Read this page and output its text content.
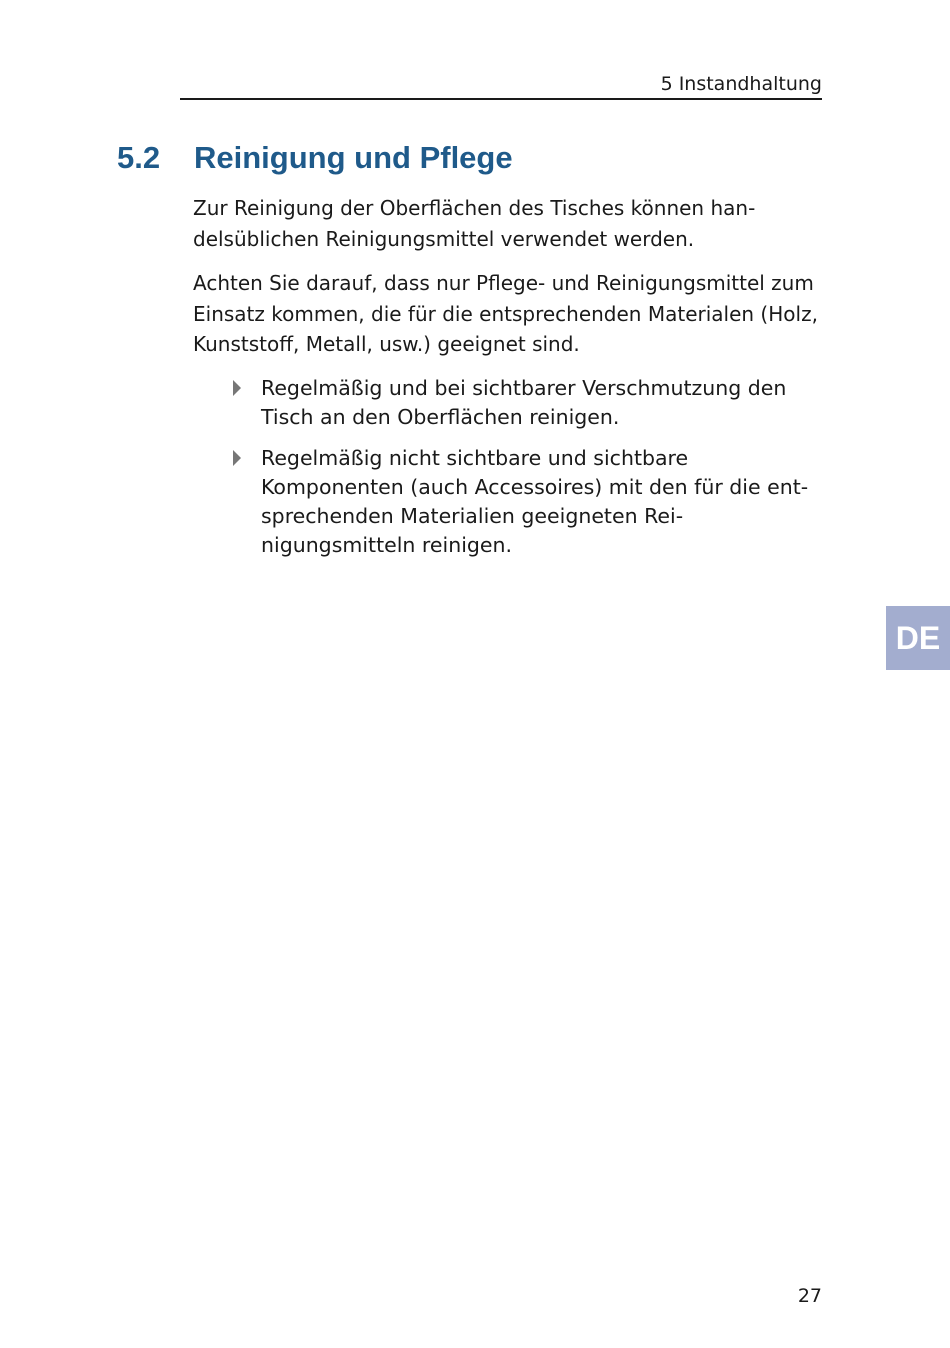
5 Instandhaltung
5.2 Reinigung und Pflege

Zur Reinigung der Oberflächen des Tisches können han-
delsüblichen Reinigungsmittel verwendet werden.

Achten Sie darauf, dass nur Pflege- und Reinigungsmittel zum
Einsatz kommen, die für die entsprechenden Materialen (Holz,
Kunststoff, Metall, usw.) geeignet sind.

Regelmäßig und bei sichtbarer Verschmutzung den
Tisch an den Oberflächen reinigen.
Regelmäßig nicht sichtbare und sichtbare
Komponenten (auch Accessoires) mit den für die ent-
sprechenden Materialien geeigneten Rei-
nigungsmitteln reinigen.
DE
27
